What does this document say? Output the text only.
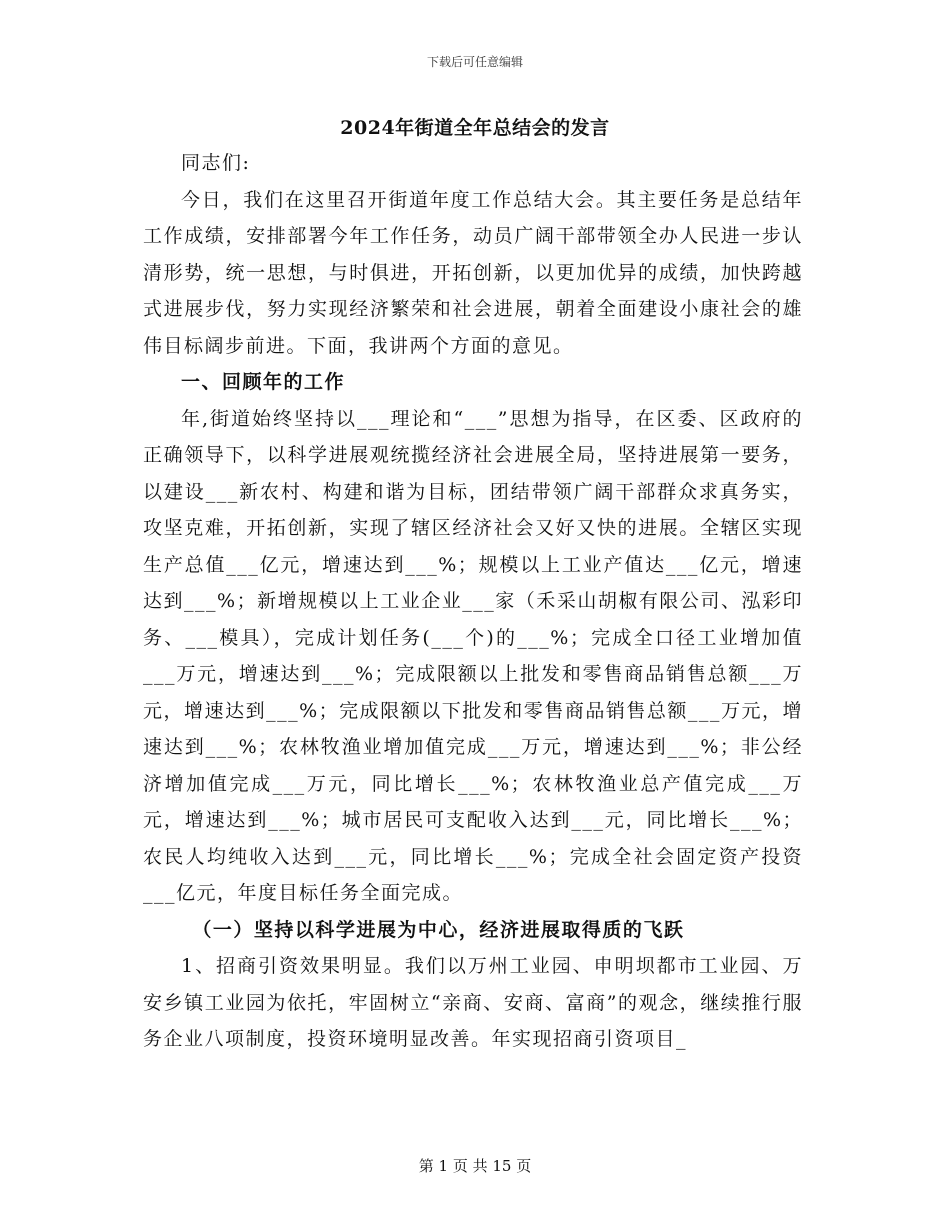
下载后可任意编辑
2024年街道全年总结会的发言

同志们:

今日，我们在这里召开街道年度工作总结大会。其主要任务是总结年工作成绩，安排部署今年工作任务，动员广阔干部带领全办人民进一步认清形势，统一思想，与时俱进，开拓创新，以更加优异的成绩，加快跨越式进展步伐，努力实现经济繁荣和社会进展，朝着全面建设小康社会的雄伟目标阔步前进。下面，我讲两个方面的意见。

一、回顾年的工作

年,街道始终坚持以___理论和“___”思想为指导，在区委、区政府的正确领导下，以科学进展观统揽经济社会进展全局，坚持进展第一要务，以建设___新农村、构建和谐为目标，团结带领广阔干部群众求真务实，攻坚克难，开拓创新，实现了辖区经济社会又好又快的进展。全辖区实现生产总值___亿元，增速达到___%；规模以上工业产值达___亿元，增速达到___%；新增规模以上工业企业___家（禾采山胡椒有限公司、泓彩印务、___模具），完成计划任务(___个)的___%；完成全口径工业增加值___万元，增速达到___%；完成限额以上批发和零售商品销售总额___万元，增速达到___%；完成限额以下批发和零售商品销售总额___万元，增速达到___%；农林牧渔业增加值完成___万元，增速达到___%；非公经济增加值完成___万元，同比增长___%；农林牧渔业总产值完成___万元，增速达到___%；城市居民可支配收入达到___元，同比增长___%；农民人均纯收入达到___元，同比增长___%；完成全社会固定资产投资___亿元，年度目标任务全面完成。

（一）坚持以科学进展为中心，经济进展取得质的飞跃

1、招商引资效果明显。我们以万州工业园、申明坝都市工业园、万安乡镇工业园为依托，牢固树立“亲商、安商、富商”的观念，继续推行服务企业八项制度，投资环境明显改善。年实现招商引资项目_

第 1 页 共 15 页
